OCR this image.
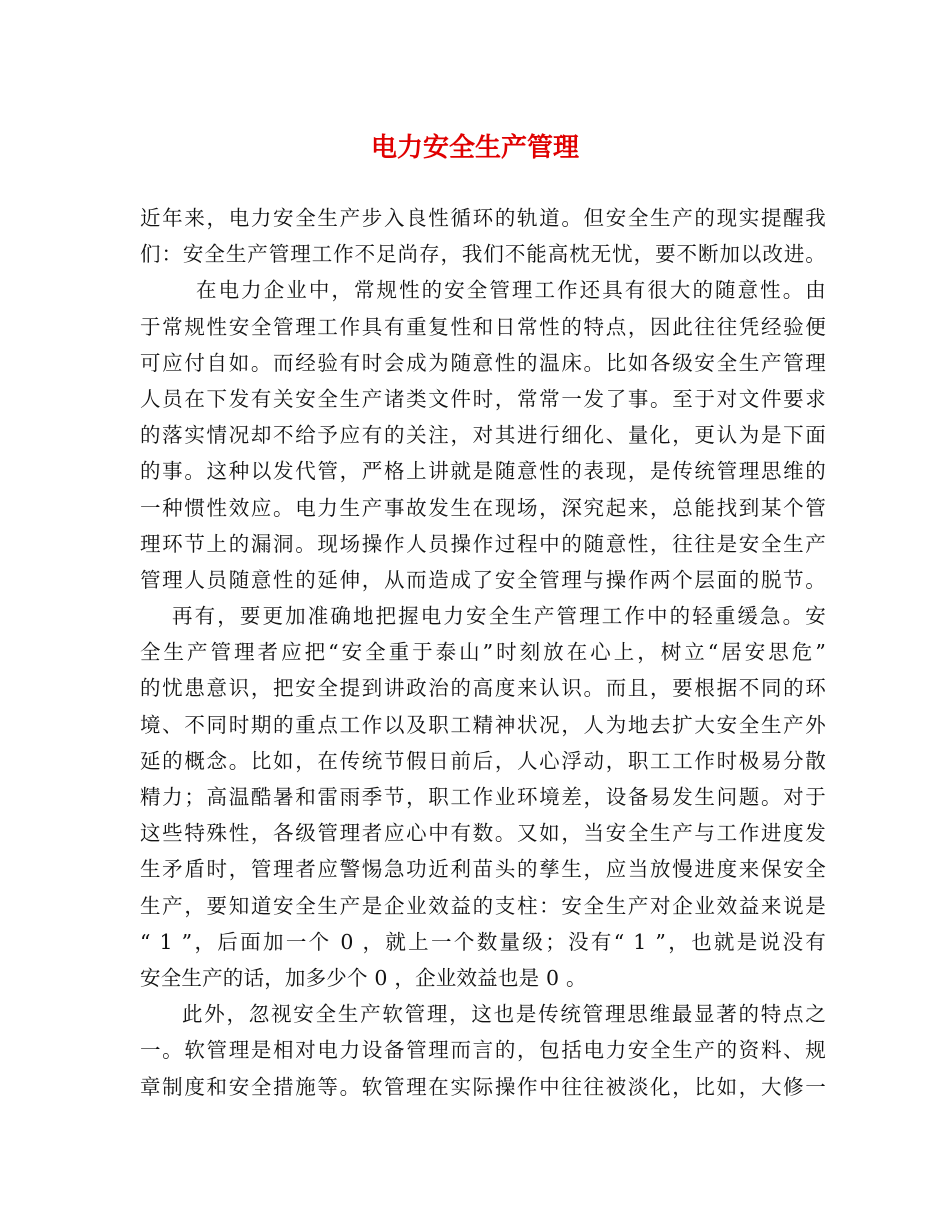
电力安全生产管理
近年来，电力安全生产步入良性循环的轨道。但安全生产的现实提醒我
们：安全生产管理工作不足尚存，我们不能高枕无忧，要不断加以改进。
在电力企业中，常规性的安全管理工作还具有很大的随意性。由
于常规性安全管理工作具有重复性和日常性的特点，因此往往凭经验便
可应付自如。而经验有时会成为随意性的温床。比如各级安全生产管理
人员在下发有关安全生产诸类文件时，常常一发了事。至于对文件要求
的落实情况却不给予应有的关注，对其进行细化、量化，更认为是下面
的事。这种以发代管，严格上讲就是随意性的表现，是传统管理思维的
一种惯性效应。电力生产事故发生在现场，深究起来，总能找到某个管
理环节上的漏洞。现场操作人员操作过程中的随意性，往往是安全生产
管理人员随意性的延伸，从而造成了安全管理与操作两个层面的脱节。
再有，要更加准确地把握电力安全生产管理工作中的轻重缓急。安
全生产管理者应把“安全重于泰山”时刻放在心上，树立“居安思危”
的忧患意识，把安全提到讲政治的高度来认识。而且，要根据不同的环
境、不同时期的重点工作以及职工精神状况，人为地去扩大安全生产外
延的概念。比如，在传统节假日前后，人心浮动，职工工作时极易分散
精力；高温酷暑和雷雨季节，职工作业环境差，设备易发生问题。对于
这些特殊性，各级管理者应心中有数。又如，当安全生产与工作进度发
生矛盾时，管理者应警惕急功近利苗头的孳生，应当放慢进度来保安全
生产，要知道安全生产是企业效益的支柱：安全生产对企业效益来说是
“ 1 ”，后面加一个 0 ，就上一个数量级；没有“ 1 ”，也就是说没有
安全生产的话，加多少个 0 ，企业效益也是 0 。
此外，忽视安全生产软管理，这也是传统管理思维最显著的特点之
一。软管理是相对电力设备管理而言的，包括电力安全生产的资料、规
章制度和安全措施等。软管理在实际操作中往往被淡化，比如，大修一
